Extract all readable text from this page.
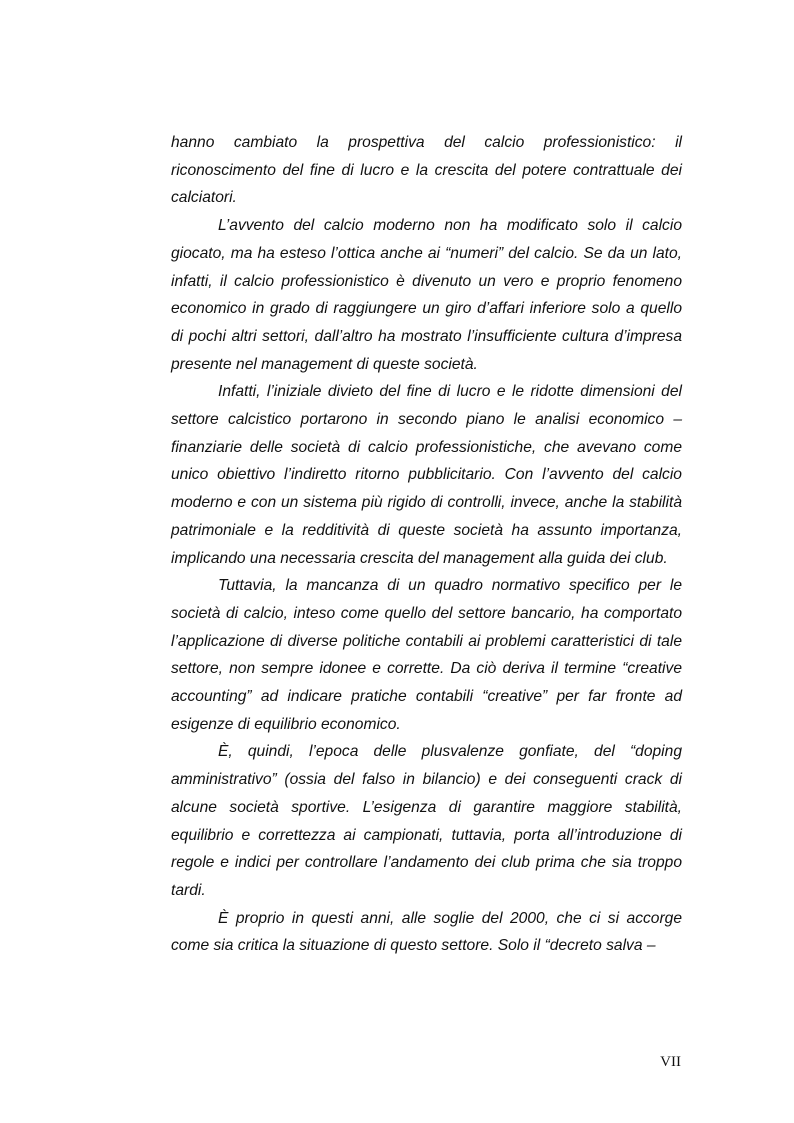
hanno cambiato la prospettiva del calcio professionistico: il riconoscimento del fine di lucro e la crescita del potere contrattuale dei calciatori.

L’avvento del calcio moderno non ha modificato solo il calcio giocato, ma ha esteso l’ottica anche ai “numeri” del calcio. Se da un lato, infatti, il calcio professionistico è divenuto un vero e proprio fenomeno economico in grado di raggiungere un giro d’affari inferiore solo a quello di pochi altri settori, dall’altro ha mostrato l’insufficiente cultura d’impresa presente nel management di queste società.

Infatti, l’iniziale divieto del fine di lucro e le ridotte dimensioni del settore calcistico portarono in secondo piano le analisi economico – finanziarie delle società di calcio professionistiche, che avevano come unico obiettivo l’indiretto ritorno pubblicitario. Con l’avvento del calcio moderno e con un sistema più rigido di controlli, invece, anche la stabilità patrimoniale e la redditività di queste società ha assunto importanza, implicando una necessaria crescita del management alla guida dei club.

Tuttavia, la mancanza di un quadro normativo specifico per le società di calcio, inteso come quello del settore bancario, ha comportato l’applicazione di diverse politiche contabili ai problemi caratteristici di tale settore, non sempre idonee e corrette. Da ciò deriva il termine “creative accounting” ad indicare pratiche contabili “creative” per far fronte ad esigenze di equilibrio economico.

È, quindi, l’epoca delle plusvalenze gonfiate, del “doping amministrativo” (ossia del falso in bilancio) e dei conseguenti crack di alcune società sportive. L’esigenza di garantire maggiore stabilità, equilibrio e correttezza ai campionati, tuttavia, porta all’introduzione di regole e indici per controllare l’andamento dei club prima che sia troppo tardi.

È proprio in questi anni, alle soglie del 2000, che ci si accorge come sia critica la situazione di questo settore. Solo il “decreto salva –

VII
